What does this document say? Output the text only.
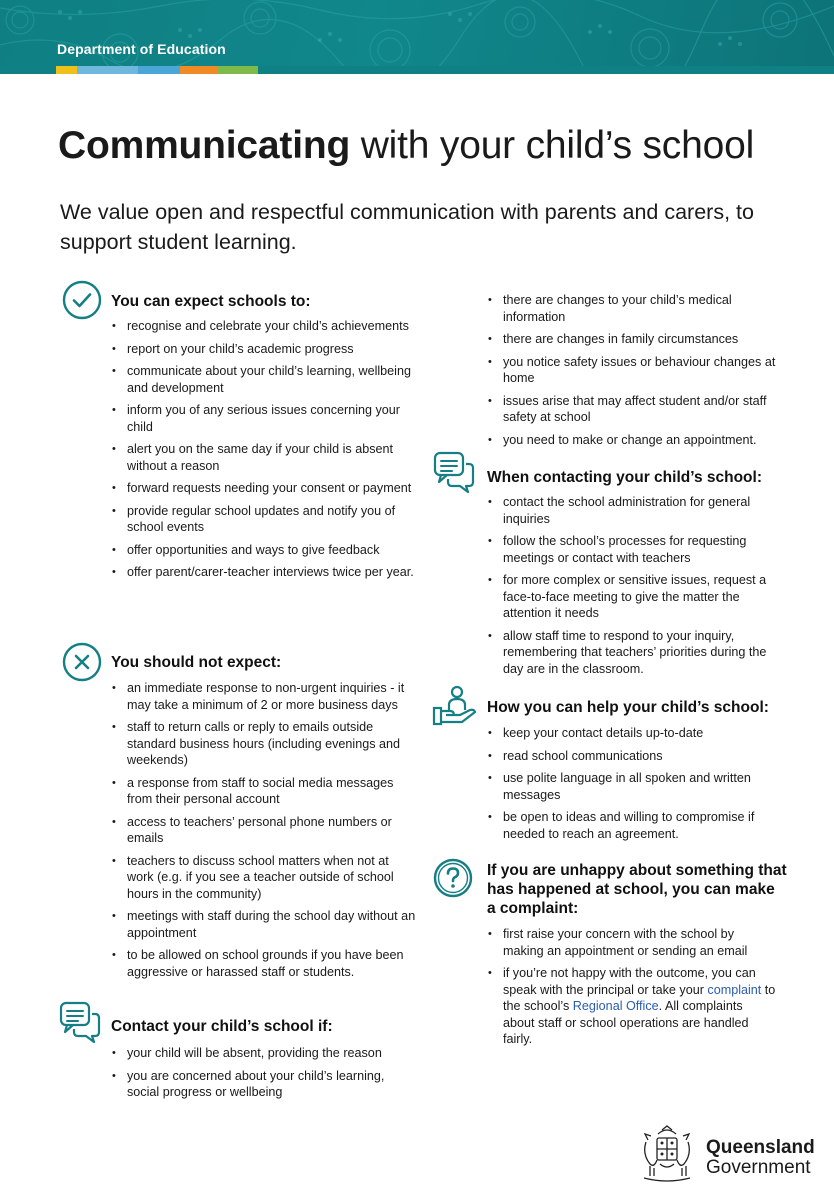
Department of Education
Communicating with your child’s school
We value open and respectful communication with parents and carers, to support student learning.
You can expect schools to:
• recognise and celebrate your child’s achievements
• report on your child’s academic progress
• communicate about your child’s learning, wellbeing and development
• inform you of any serious issues concerning your child
• alert you on the same day if your child is absent without a reason
• forward requests needing your consent or payment
• provide regular school updates and notify you of school events
• offer opportunities and ways to give feedback
• offer parent/carer-teacher interviews twice per year.
You should not expect:
• an immediate response to non-urgent inquiries - it may take a minimum of 2 or more business days
• staff to return calls or reply to emails outside standard business hours (including evenings and weekends)
• a response from staff to social media messages from their personal account
• access to teachers’ personal phone numbers or emails
• teachers to discuss school matters when not at work (e.g. if you see a teacher outside of school hours in the community)
• meetings with staff during the school day without an appointment
• to be allowed on school grounds if you have been aggressive or harassed staff or students.
Contact your child’s school if:
• your child will be absent, providing the reason
• you are concerned about your child’s learning, social progress or wellbeing
• there are changes to your child’s medical information
• there are changes in family circumstances
• you notice safety issues or behaviour changes at home
• issues arise that may affect student and/or staff safety at school
• you need to make or change an appointment.
When contacting your child’s school:
• contact the school administration for general inquiries
• follow the school’s processes for requesting meetings or contact with teachers
• for more complex or sensitive issues, request a face-to-face meeting to give the matter the attention it needs
• allow staff time to respond to your inquiry, remembering that teachers’ priorities during the day are in the classroom.
How you can help your child’s school:
• keep your contact details up-to-date
• read school communications
• use polite language in all spoken and written messages
• be open to ideas and willing to compromise if needed to reach an agreement.
If you are unhappy about something that has happened at school, you can make a complaint:
• first raise your concern with the school by making an appointment or sending an email
• if you’re not happy with the outcome, you can speak with the principal or take your complaint to the school’s Regional Office. All complaints about staff or school operations are handled fairly.
Queensland
Government
